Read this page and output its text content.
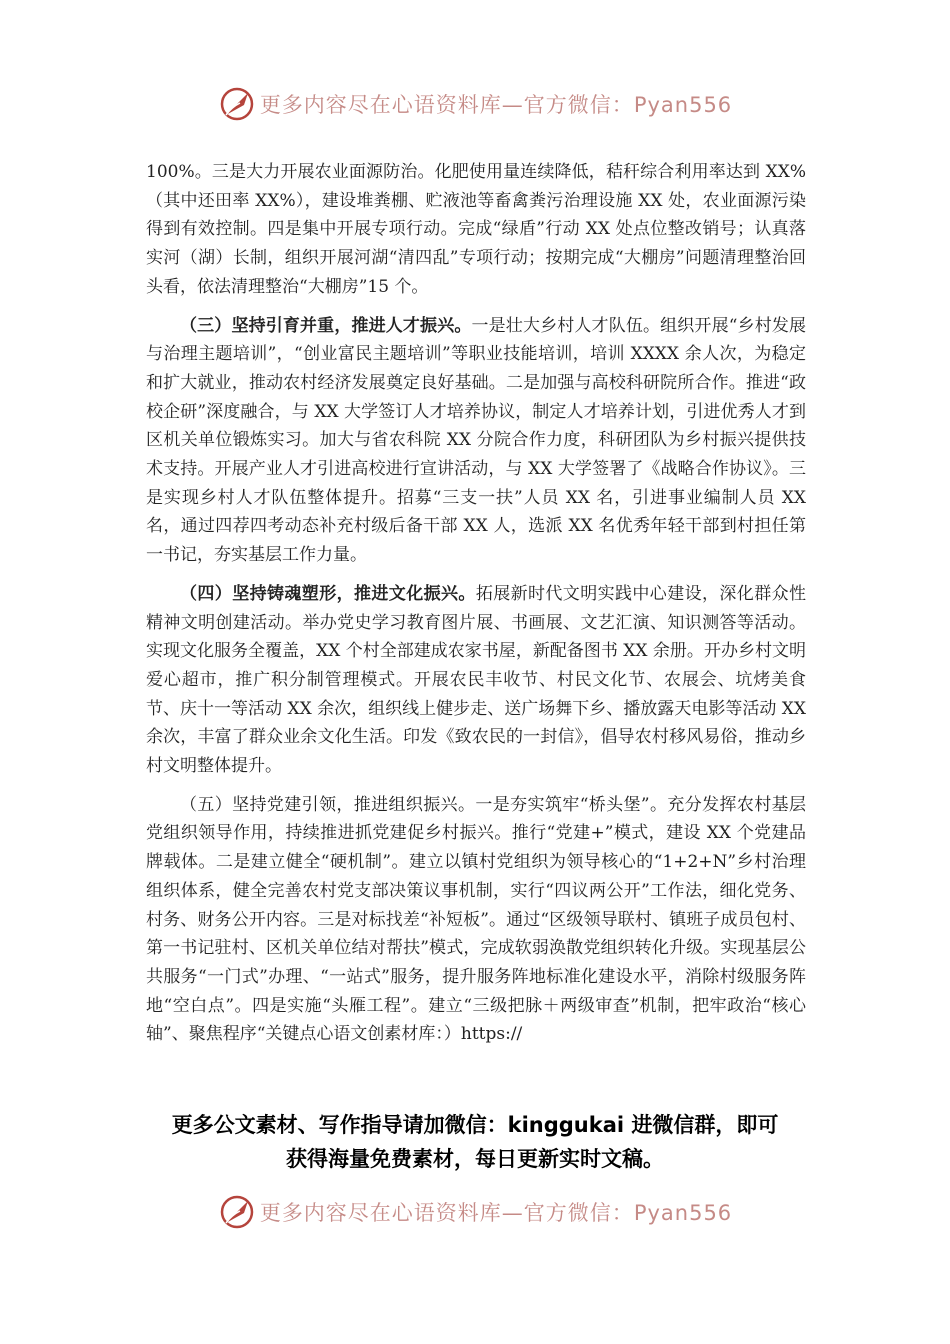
更多内容尽在心语资料库—官方微信：Pyan556

100%。三是大力开展农业面源防治。化肥使用量连续降低，秸秆综合利用率达到 XX%（其中还田率 XX%），建设堆粪棚、贮液池等畜禽粪污治理设施 XX 处，农业面源污染得到有效控制。四是集中开展专项行动。完成“绿盾”行动 XX 处点位整改销号；认真落实河（湖）长制，组织开展河湖“清四乱”专项行动；按期完成“大棚房”问题清理整治回头看，依法清理整治“大棚房”15 个。

（三）坚持引育并重，推进人才振兴。一是壮大乡村人才队伍。组织开展“乡村发展与治理主题培训”，“创业富民主题培训”等职业技能培训，培训 XXXX 余人次，为稳定和扩大就业，推动农村经济发展奠定良好基础。二是加强与高校科研院所合作。推进“政校企研”深度融合，与 XX 大学签订人才培养协议，制定人才培养计划，引进优秀人才到区机关单位锻炼实习。加大与省农科院 XX 分院合作力度，科研团队为乡村振兴提供技术支持。开展产业人才引进高校进行宣讲活动，与 XX 大学签署了《战略合作协议》。三是实现乡村人才队伍整体提升。招募“三支一扶”人员 XX 名，引进事业编制人员 XX 名，通过四荐四考动态补充村级后备干部 XX 人，选派 XX 名优秀年轻干部到村担任第一书记，夯实基层工作力量。

（四）坚持铸魂塑形，推进文化振兴。拓展新时代文明实践中心建设，深化群众性精神文明创建活动。举办党史学习教育图片展、书画展、文艺汇演、知识测答等活动。实现文化服务全覆盖，XX 个村全部建成农家书屋，新配备图书 XX 余册。开办乡村文明爱心超市，推广积分制管理模式。开展农民丰收节、村民文化节、农展会、坑烤美食节、庆十一等活动 XX 余次，组织线上健步走、送广场舞下乡、播放露天电影等活动 XX 余次，丰富了群众业余文化生活。印发《致农民的一封信》，倡导农村移风易俗，推动乡村文明整体提升。

（五）坚持党建引领，推进组织振兴。一是夯实筑牢“桥头堡”。充分发挥农村基层党组织领导作用，持续推进抓党建促乡村振兴。推行“党建+”模式，建设 XX 个党建品牌载体。二是建立健全“硬机制”。建立以镇村党组织为领导核心的“1+2+N”乡村治理组织体系，健全完善农村党支部决策议事机制，实行“四议两公开”工作法，细化党务、村务、财务公开内容。三是对标找差“补短板”。通过“区级领导联村、镇班子成员包村、第一书记驻村、区机关单位结对帮扶”模式，完成软弱涣散党组织转化升级。实现基层公共服务“一门式”办理、“一站式”服务，提升服务阵地标准化建设水平，消除村级服务阵地“空白点”。四是实施“头雁工程”。建立“三级把脉＋两级审查”机制，把牢政治“核心轴”、聚焦程序“关键点心语文创素材库：）https://

更多公文素材、写作指导请加微信：kinggukai 进微信群，即可
获得海量免费素材，每日更新实时文稿。
更多内容尽在心语资料库—官方微信：Pyan556
